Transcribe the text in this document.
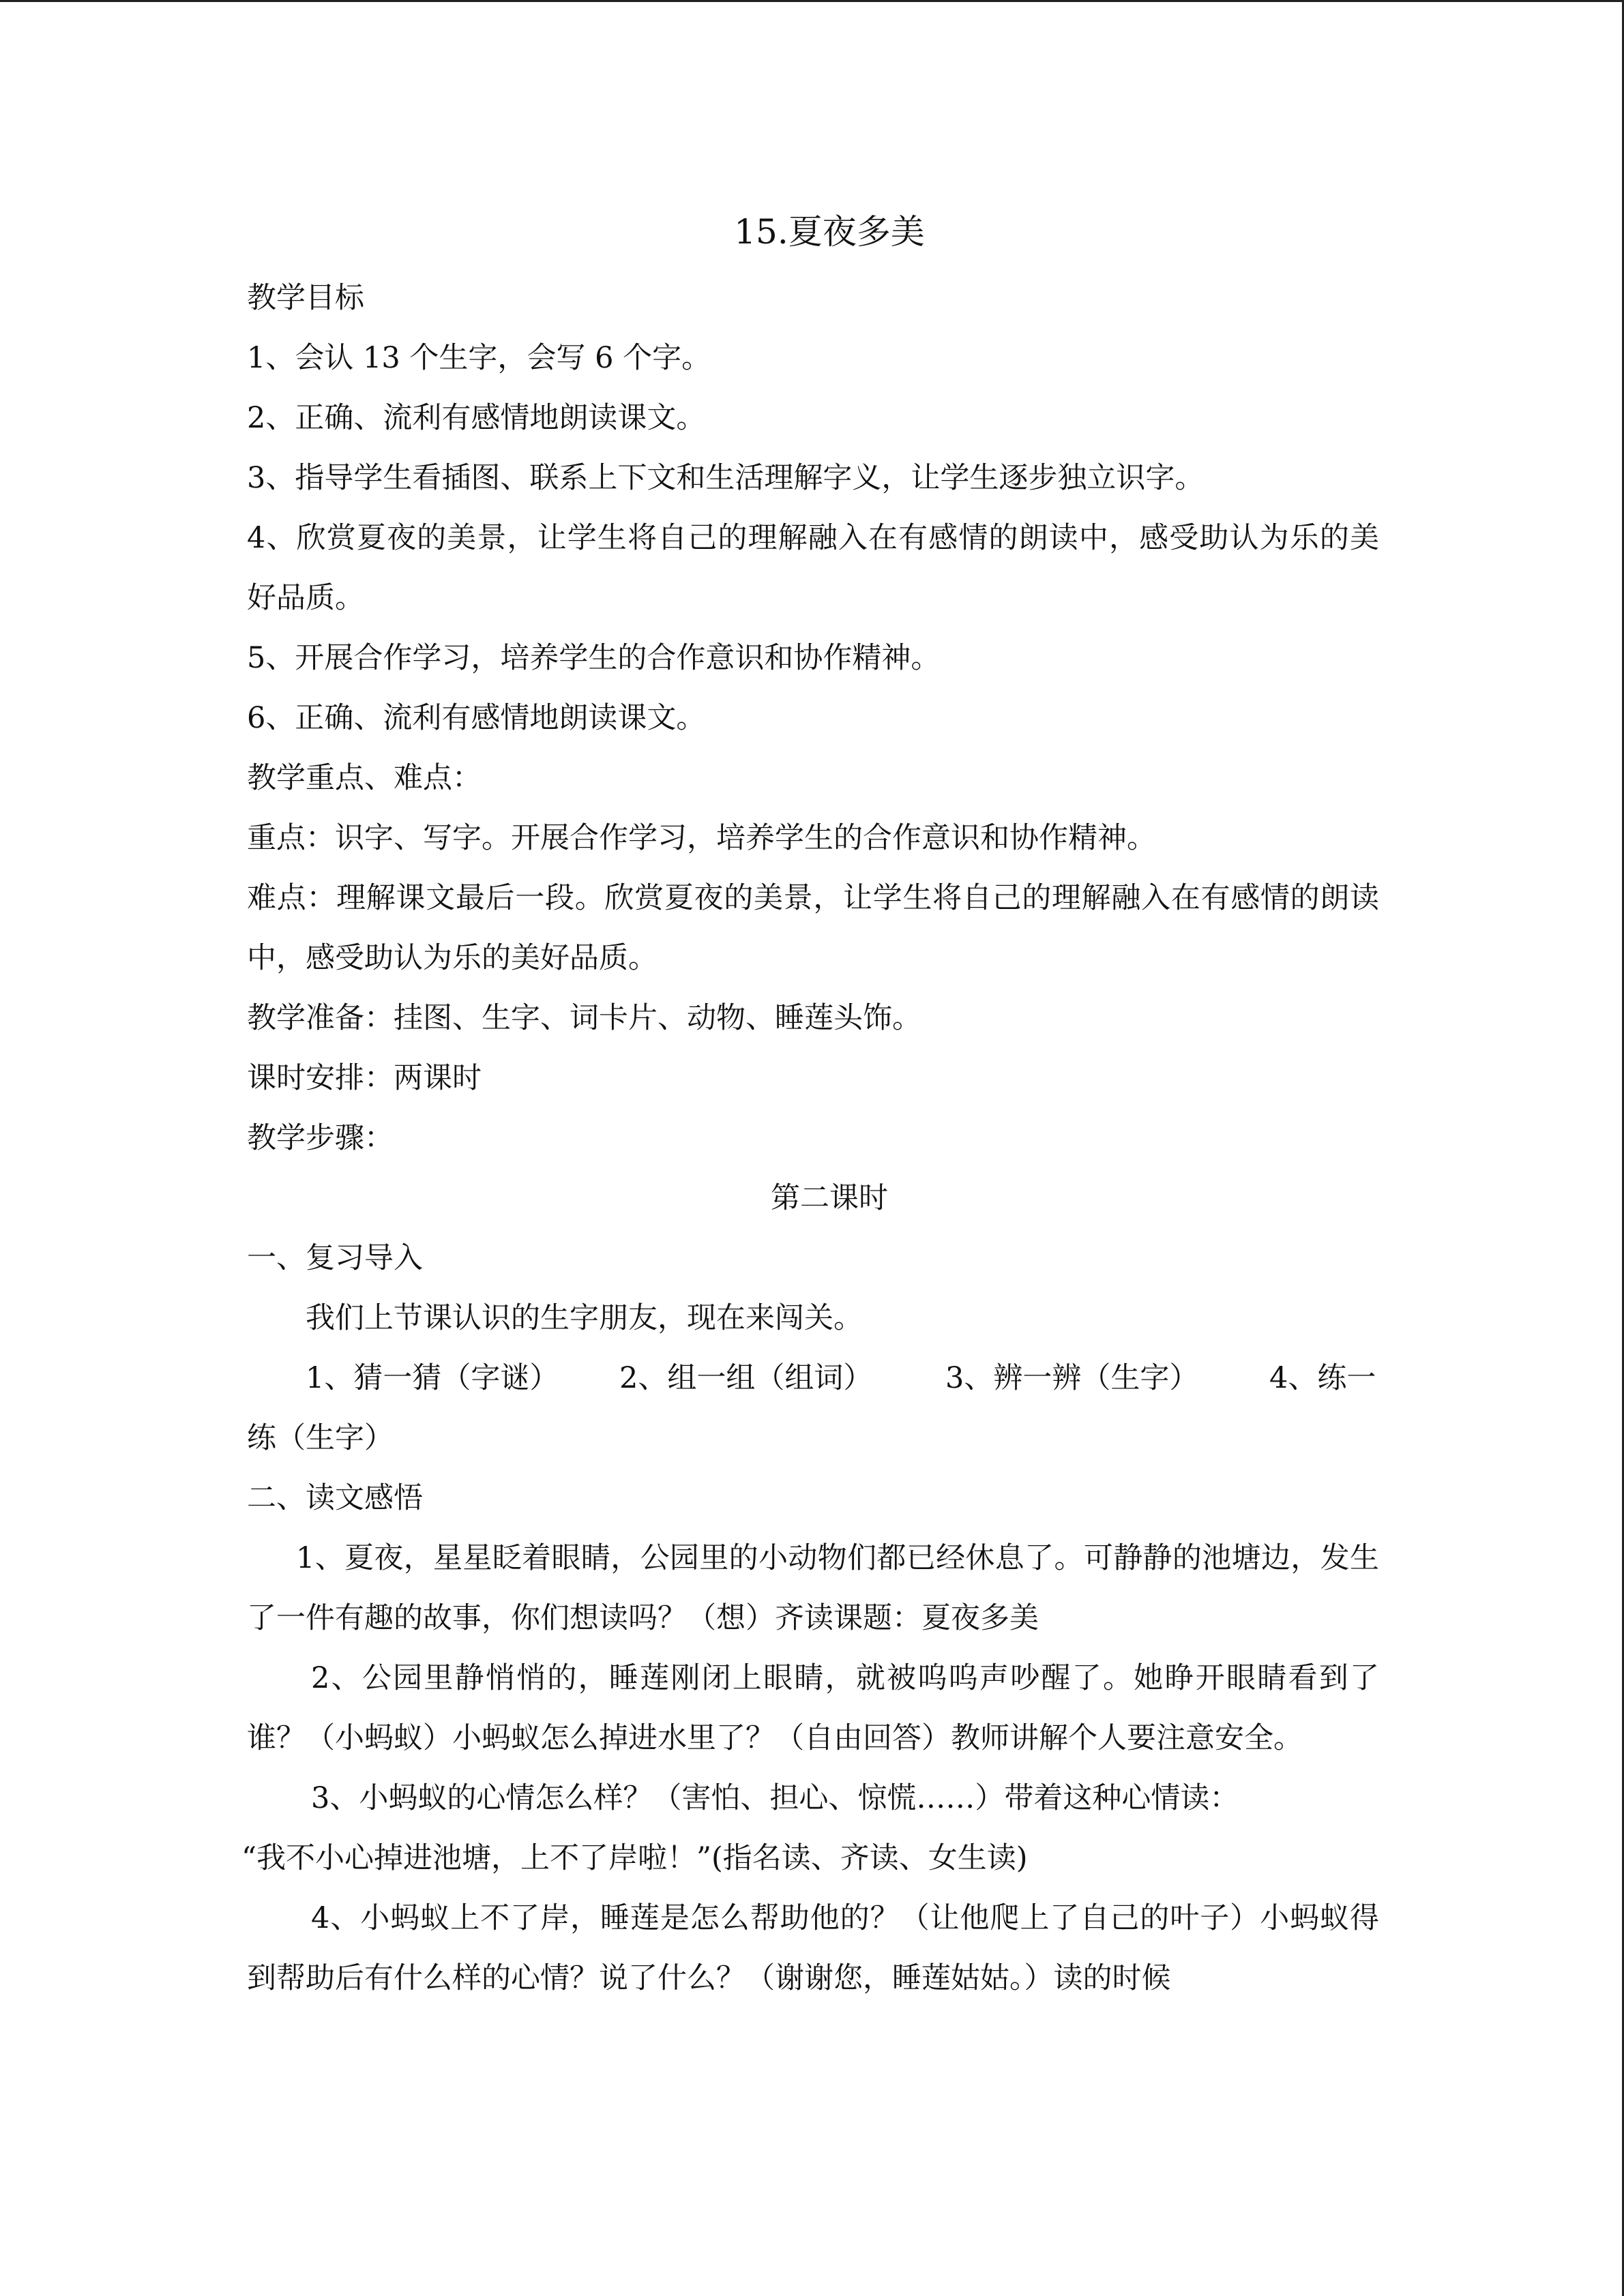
15.夏夜多美
教学目标
1、会认 13 个生字，会写 6 个字。
2、正确、流利有感情地朗读课文。
3、指导学生看插图、联系上下文和生活理解字义，让学生逐步独立识字。
4、欣赏夏夜的美景，让学生将自己的理解融入在有感情的朗读中，感受助认为乐的美好品质。
5、开展合作学习，培养学生的合作意识和协作精神。
6、正确、流利有感情地朗读课文。
教学重点、难点：
重点：识字、写字。开展合作学习，培养学生的合作意识和协作精神。
难点：理解课文最后一段。欣赏夏夜的美景，让学生将自己的理解融入在有感情的朗读中，感受助认为乐的美好品质。
教学准备：挂图、生字、词卡片、动物、睡莲头饰。
课时安排：两课时
教学步骤：
第二课时
一、复习导入
我们上节课认识的生字朋友，现在来闯关。
1、猜一猜（字谜）	2、组一组（组词）	3、辨一辨（生字）	4、练一
练（生字）
二、读文感悟
1、夏夜，星星眨着眼睛，公园里的小动物们都已经休息了。可静静的池塘边，发生了一件有趣的故事，你们想读吗？（想）齐读课题：夏夜多美
2、公园里静悄悄的，睡莲刚闭上眼睛，就被呜呜声吵醒了。她睁开眼睛看到了谁？（小蚂蚁）小蚂蚁怎么掉进水里了？（自由回答）教师讲解个人要注意安全。
3、小蚂蚁的心情怎么样？（害怕、担心、惊慌……）带着这种心情读：
“我不小心掉进池塘，上不了岸啦！”(指名读、齐读、女生读)
4、小蚂蚁上不了岸，睡莲是怎么帮助他的？（让他爬上了自己的叶子）小蚂蚁得到帮助后有什么样的心情？说了什么？（谢谢您，睡莲姑姑。）读的时候
